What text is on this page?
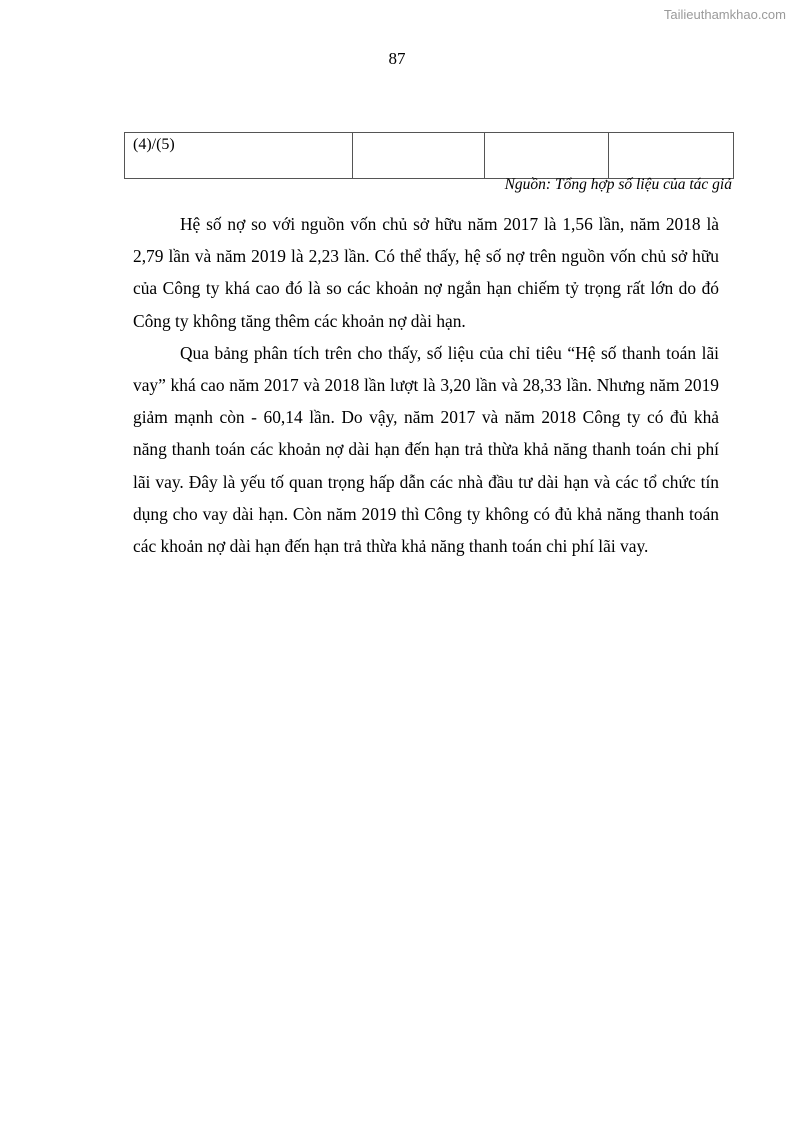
Tailieuthamkhao.com
87
(4)/(5)			
Nguồn: Tổng hợp số liệu của tác giả

Hệ số nợ so với nguồn vốn chủ sở hữu năm 2017 là 1,56 lần, năm 2018 là 2,79 lần và năm 2019 là 2,23 lần. Có thể thấy, hệ số nợ trên nguồn vốn chủ sở hữu của Công ty khá cao đó là so các khoản nợ ngắn hạn chiếm tỷ trọng rất lớn do đó Công ty không tăng thêm các khoản nợ dài hạn.

Qua bảng phân tích trên cho thấy, số liệu của chỉ tiêu “Hệ số thanh toán lãi vay” khá cao năm 2017 và 2018 lần lượt là 3,20 lần và 28,33 lần. Nhưng năm 2019 giảm mạnh còn - 60,14 lần. Do vậy, năm 2017 và năm 2018 Công ty có đủ khả năng thanh toán các khoản nợ dài hạn đến hạn trả thừa khả năng thanh toán chi phí lãi vay. Đây là yếu tố quan trọng hấp dẫn các nhà đầu tư dài hạn và các tổ chức tín dụng cho vay dài hạn. Còn năm 2019 thì Công ty không có đủ khả năng thanh toán các khoản nợ dài hạn đến hạn trả thừa khả năng thanh toán chi phí lãi vay.
